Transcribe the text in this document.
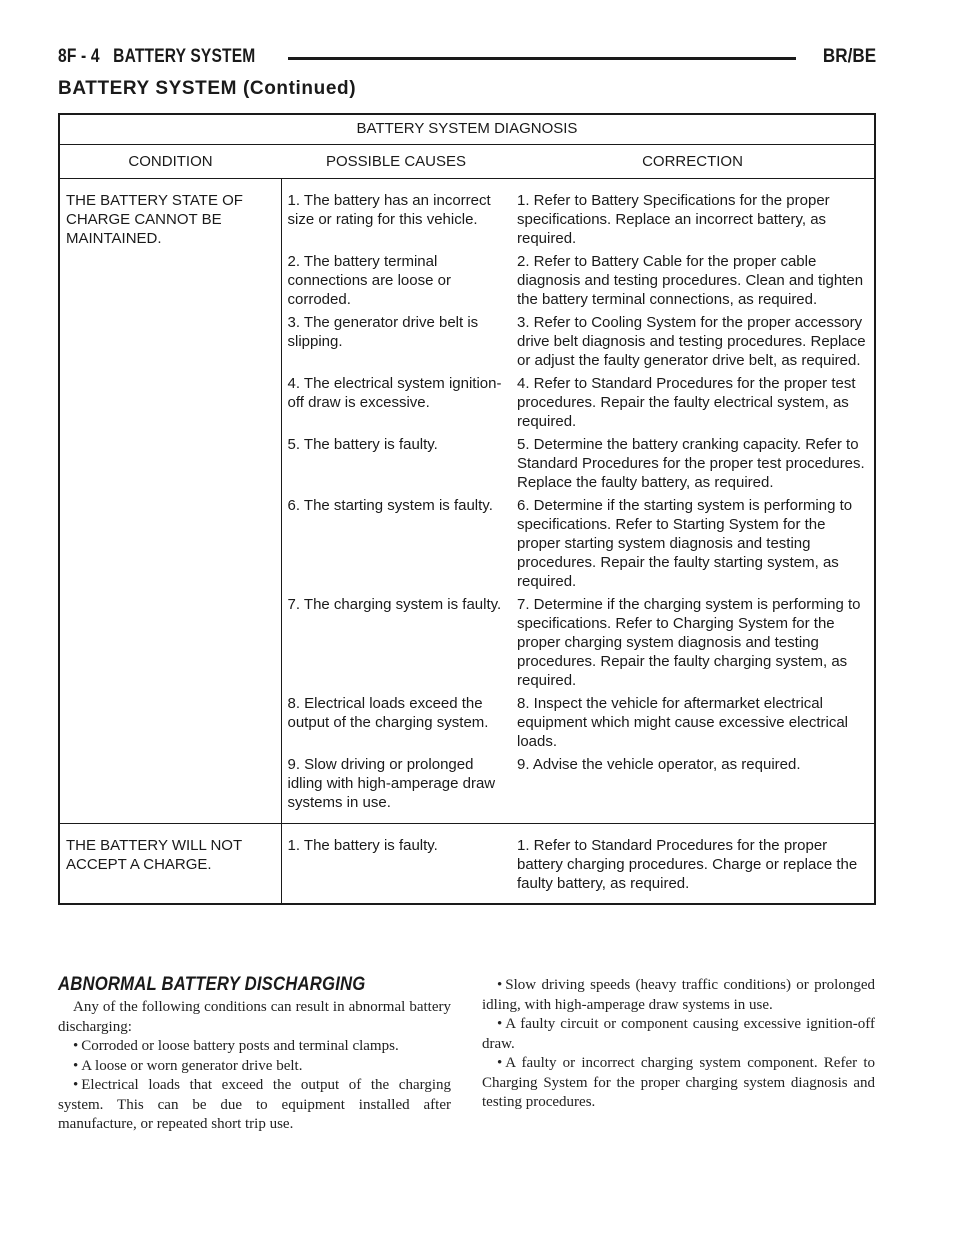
8F - 4 BATTERY SYSTEM	BR/BE
BATTERY SYSTEM (Continued)
BATTERY SYSTEM DIAGNOSIS		
CONDITION	POSSIBLE CAUSES	CORRECTION
THE BATTERY STATE OF CHARGE CANNOT BE MAINTAINED.	1. The battery has an incorrect size or rating for this vehicle.	1. Refer to Battery Specifications for the proper specifications. Replace an incorrect battery, as required.
	2. The battery terminal connections are loose or corroded.	2. Refer to Battery Cable for the proper cable diagnosis and testing procedures. Clean and tighten the battery terminal connections, as required.
	3. The generator drive belt is slipping.	3. Refer to Cooling System for the proper accessory drive belt diagnosis and testing procedures. Replace or adjust the faulty generator drive belt, as required.
	4. The electrical system ignition-off draw is excessive.	4. Refer to Standard Procedures for the proper test procedures. Repair the faulty electrical system, as required.
	5. The battery is faulty.	5. Determine the battery cranking capacity. Refer to Standard Procedures for the proper test procedures. Replace the faulty battery, as required.
	6. The starting system is faulty.	6. Determine if the starting system is performing to specifications. Refer to Starting System for the proper starting system diagnosis and testing procedures. Repair the faulty starting system, as required.
	7. The charging system is faulty.	7. Determine if the charging system is performing to specifications. Refer to Charging System for the proper charging system diagnosis and testing procedures. Repair the faulty charging system, as required.
	8. Electrical loads exceed the output of the charging system.	8. Inspect the vehicle for aftermarket electrical equipment which might cause excessive electrical loads.
	9. Slow driving or prolonged idling with high-amperage draw systems in use.	9. Advise the vehicle operator, as required.
THE BATTERY WILL NOT ACCEPT A CHARGE.	1. The battery is faulty.	1. Refer to Standard Procedures for the proper battery charging procedures. Charge or replace the faulty battery, as required.
ABNORMAL BATTERY DISCHARGING

Any of the following conditions can result in abnormal battery discharging:

• Corroded or loose battery posts and terminal clamps.

• A loose or worn generator drive belt.

• Electrical loads that exceed the output of the charging system. This can be due to equipment installed after manufacture, or repeated short trip use.

• Slow driving speeds (heavy traffic conditions) or prolonged idling, with high-amperage draw systems in use.

• A faulty circuit or component causing excessive ignition-off draw.

• A faulty or incorrect charging system component. Refer to Charging System for the proper charging system diagnosis and testing procedures.
